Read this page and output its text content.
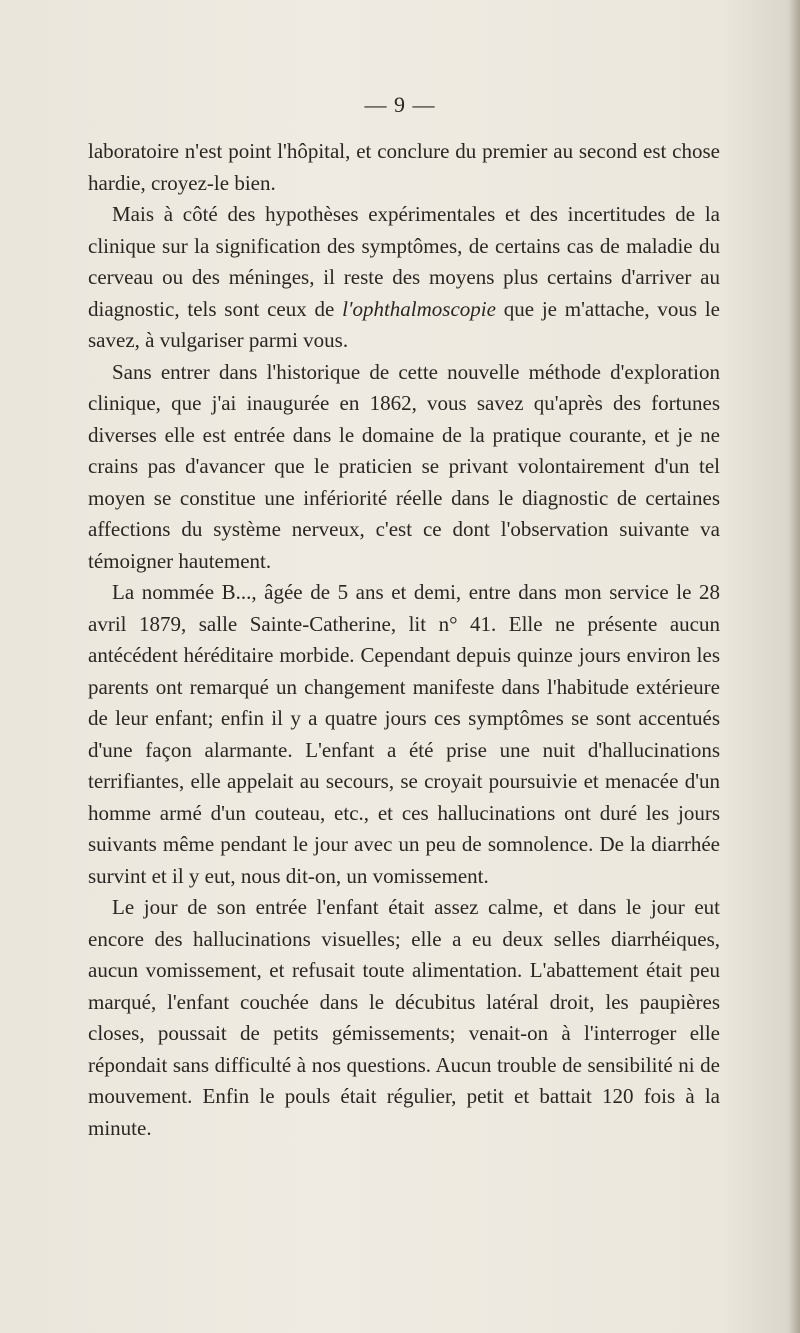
— 9 —

laboratoire n'est point l'hôpital, et conclure du premier au second est chose hardie, croyez-le bien.

Mais à côté des hypothèses expérimentales et des incertitudes de la clinique sur la signification des symptômes, de certains cas de maladie du cerveau ou des méninges, il reste des moyens plus certains d'arriver au diagnostic, tels sont ceux de l'ophthalmoscopie que je m'attache, vous le savez, à vulgariser parmi vous.

Sans entrer dans l'historique de cette nouvelle méthode d'exploration clinique, que j'ai inaugurée en 1862, vous savez qu'après des fortunes diverses elle est entrée dans le domaine de la pratique courante, et je ne crains pas d'avancer que le praticien se privant volontairement d'un tel moyen se constitue une infériorité réelle dans le diagnostic de certaines affections du système nerveux, c'est ce dont l'observation suivante va témoigner hautement.

La nommée B..., âgée de 5 ans et demi, entre dans mon service le 28 avril 1879, salle Sainte-Catherine, lit n° 41. Elle ne présente aucun antécédent héréditaire morbide. Cependant depuis quinze jours environ les parents ont remarqué un changement manifeste dans l'habitude extérieure de leur enfant; enfin il y a quatre jours ces symptômes se sont accentués d'une façon alarmante. L'enfant a été prise une nuit d'hallucinations terrifiantes, elle appelait au secours, se croyait poursuivie et menacée d'un homme armé d'un couteau, etc., et ces hallucinations ont duré les jours suivants même pendant le jour avec un peu de somnolence. De la diarrhée survint et il y eut, nous dit-on, un vomissement.

Le jour de son entrée l'enfant était assez calme, et dans le jour eut encore des hallucinations visuelles; elle a eu deux selles diarrhéiques, aucun vomissement, et refusait toute alimentation. L'abattement était peu marqué, l'enfant couchée dans le décubitus latéral droit, les paupières closes, poussait de petits gémissements; venait-on à l'interroger elle répondait sans difficulté à nos questions. Aucun trouble de sensibilité ni de mouvement. Enfin le pouls était régulier, petit et battait 120 fois à la minute.
